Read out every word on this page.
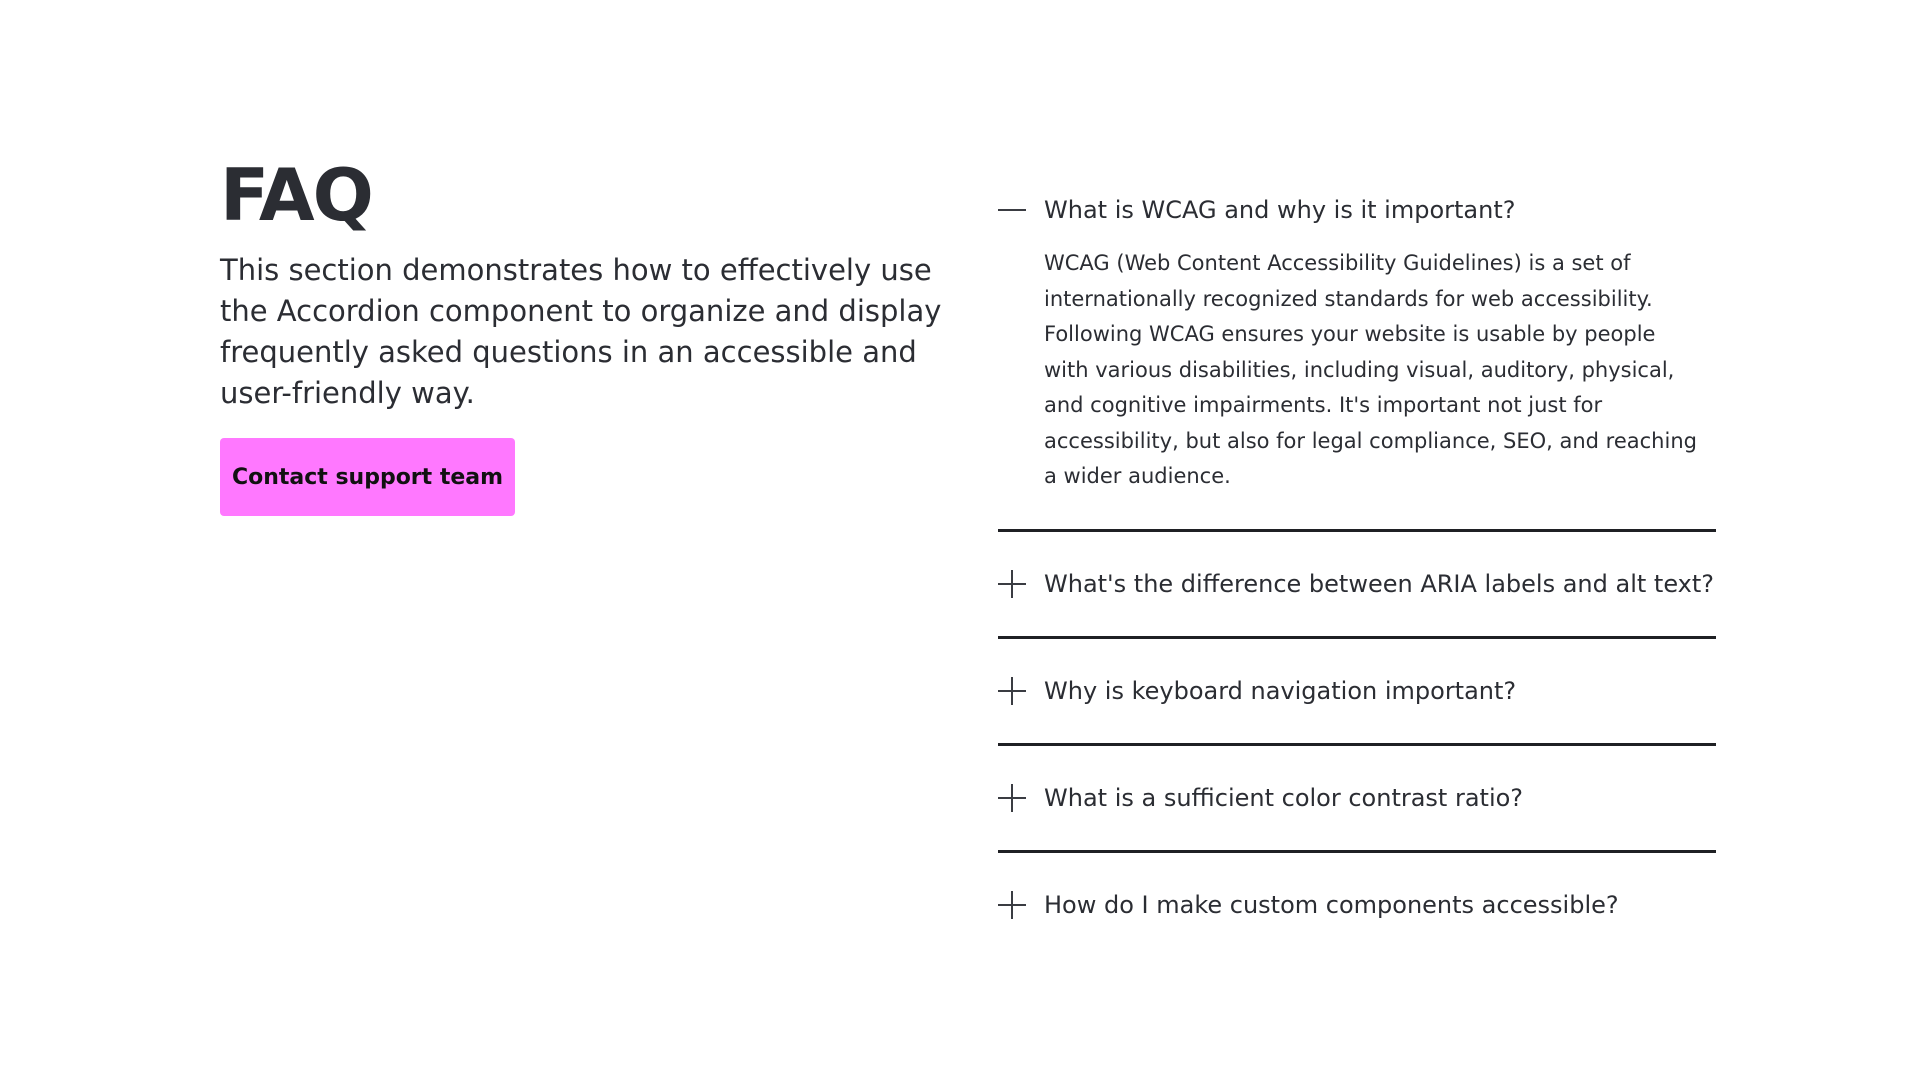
FAQ

This section demonstrates how to effectively use the Accordion component to organize and display frequently asked questions in an accessible and user-friendly way.

Contact support team
What is WCAG and why is it important?
WCAG (Web Content Accessibility Guidelines) is a set of internationally recognized standards for web accessibility. Following WCAG ensures your website is usable by people with various disabilities, including visual, auditory, physical, and cognitive impairments. It's important not just for accessibility, but also for legal compliance, SEO, and reaching a wider audience.
What's the difference between ARIA labels and alt text?
Why is keyboard navigation important?
What is a sufficient color contrast ratio?
How do I make custom components accessible?
